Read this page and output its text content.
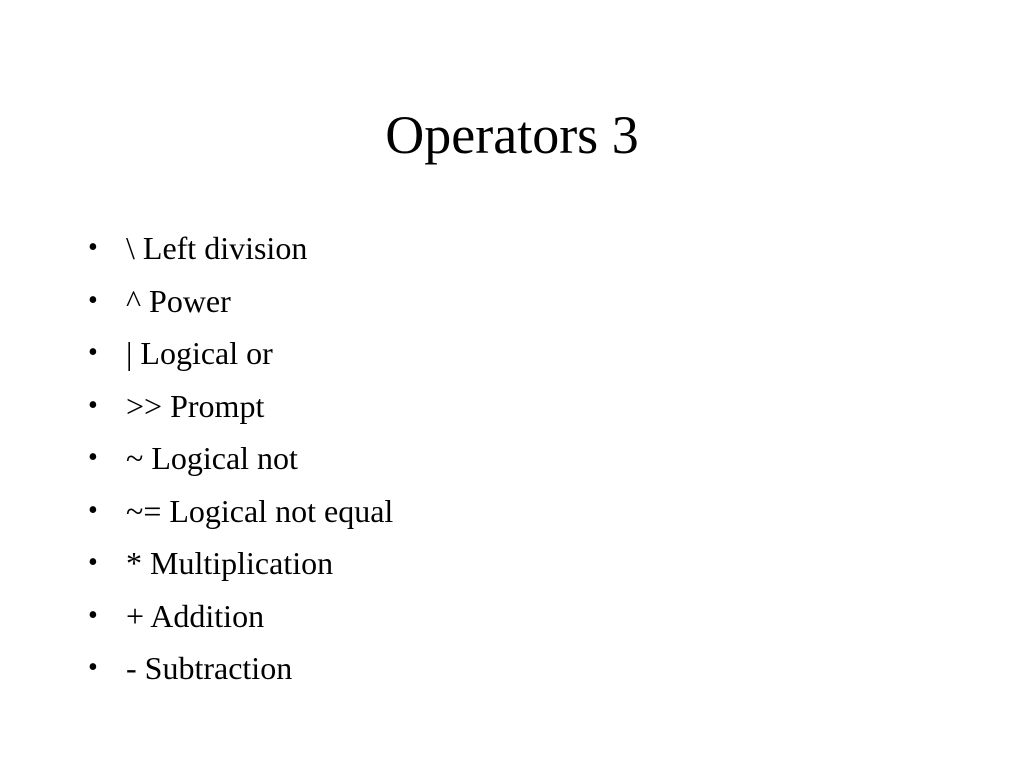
Operators 3
• \ Left division
• ^ Power
• | Logical or
• >> Prompt
• ~ Logical not
• ~= Logical not equal
• * Multiplication
• + Addition
• - Subtraction
